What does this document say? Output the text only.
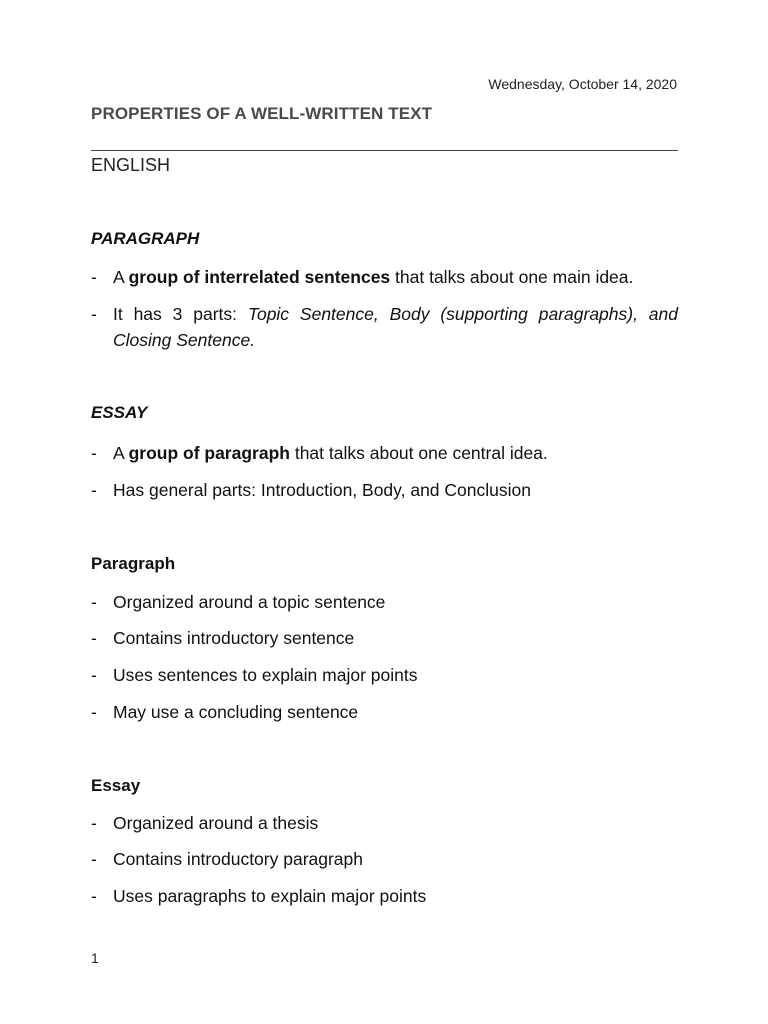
Wednesday, October 14, 2020
PROPERTIES OF A WELL-WRITTEN TEXT
ENGLISH
PARAGRAPH
- A group of interrelated sentences that talks about one main idea.
- It has 3 parts: Topic Sentence, Body (supporting paragraphs), and Closing Sentence.
ESSAY
- A group of paragraph that talks about one central idea.
- Has general parts: Introduction, Body, and Conclusion
Paragraph
- Organized around a topic sentence
- Contains introductory sentence
- Uses sentences to explain major points
- May use a concluding sentence
Essay
- Organized around a thesis
- Contains introductory paragraph
- Uses paragraphs to explain major points
1
